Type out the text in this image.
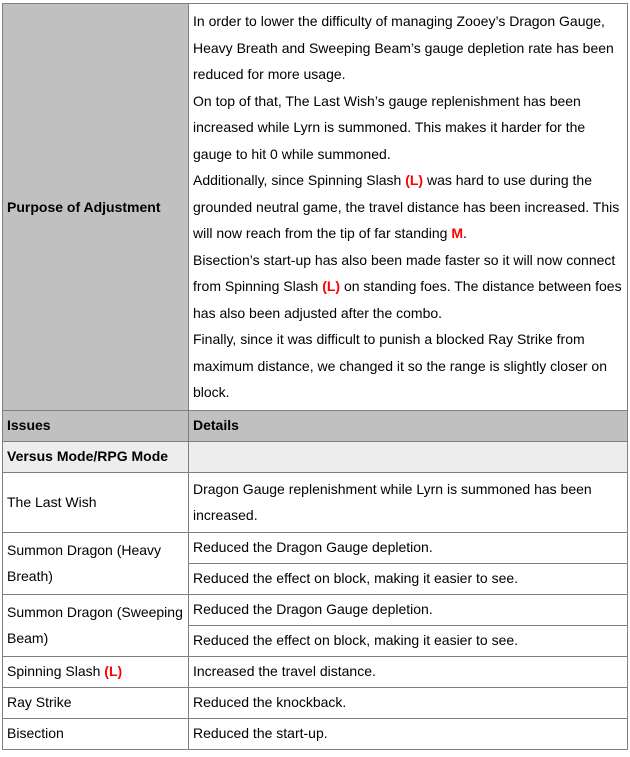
Purpose of Adjustment	In order to lower the difficulty of managing Zooey’s Dragon Gauge, Heavy Breath and Sweeping Beam’s gauge depletion rate has been reduced for more usage.
On top of that, The Last Wish’s gauge replenishment has been increased while Lyrn is summoned. This makes it harder for the gauge to hit 0 while summoned.
Additionally, since Spinning Slash (L) was hard to use during the grounded neutral game, the travel distance has been increased. This will now reach from the tip of far standing M.
Bisection’s start-up has also been made faster so it will now connect from Spinning Slash (L) on standing foes. The distance between foes has also been adjusted after the combo.
Finally, since it was difficult to punish a blocked Ray Strike from maximum distance, we changed it so the range is slightly closer on block.

Issues	Details
Versus Mode/RPG Mode	
The Last Wish	Dragon Gauge replenishment while Lyrn is summoned has been increased.
Summon Dragon (Heavy Breath)	Reduced the Dragon Gauge depletion.
	Reduced the effect on block, making it easier to see.
Summon Dragon (Sweeping Beam)	Reduced the Dragon Gauge depletion.
	Reduced the effect on block, making it easier to see.
Spinning Slash (L)	Increased the travel distance.
Ray Strike	Reduced the knockback.
Bisection	Reduced the start-up.
